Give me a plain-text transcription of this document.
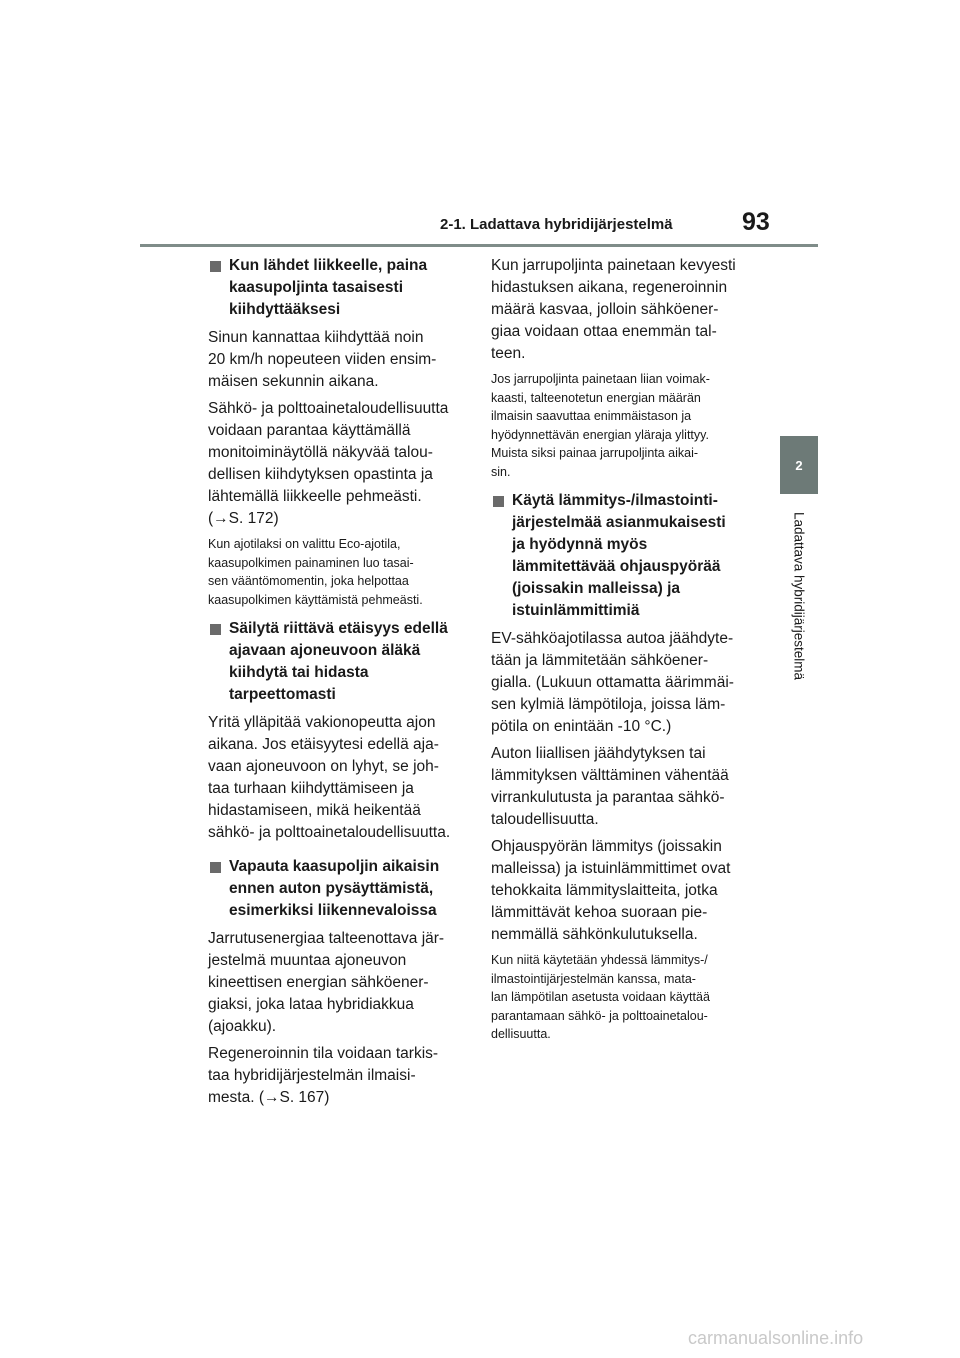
2-1. Ladattava hybridijärjestelmä	93
2
Ladattava hybridijärjestelmä
Kun lähdet liikkeelle, paina
kaasupoljinta tasaisesti
kiihdyttääksesi

Sinun kannattaa kiihdyttää noin
20 km/h nopeuteen viiden ensim-
mäisen sekunnin aikana.

Sähkö- ja polttoainetaloudellisuutta
voidaan parantaa käyttämällä
monitoiminäytöllä näkyvää talou-
dellisen kiihdytyksen opastinta ja
lähtemällä liikkeelle pehmeästi.
(→S. 172)

Kun ajotilaksi on valittu Eco-ajotila,
kaasupolkimen painaminen luo tasai-
sen vääntömomentin, joka helpottaa
kaasupolkimen käyttämistä pehmeästi.

Säilytä riittävä etäisyys edellä
ajavaan ajoneuvoon äläkä
kiihdytä tai hidasta
tarpeettomasti

Yritä ylläpitää vakionopeutta ajon
aikana. Jos etäisyytesi edellä aja-
vaan ajoneuvoon on lyhyt, se joh-
taa turhaan kiihdyttämiseen ja
hidastamiseen, mikä heikentää
sähkö- ja polttoainetaloudellisuutta.

Vapauta kaasupoljin aikaisin
ennen auton pysäyttämistä,
esimerkiksi liikennevaloissa

Jarrutusenergiaa talteenottava jär-
jestelmä muuntaa ajoneuvon
kineettisen energian sähköener-
giaksi, joka lataa hybridiakkua
(ajoakku).

Regeneroinnin tila voidaan tarkis-
taa hybridijärjestelmän ilmaisi-
mesta. (→S. 167)

Kun jarrupoljinta painetaan kevyesti
hidastuksen aikana, regeneroinnin
määrä kasvaa, jolloin sähköener-
giaa voidaan ottaa enemmän tal-
teen.

Jos jarrupoljinta painetaan liian voimak-
kaasti, talteenotetun energian määrän
ilmaisin saavuttaa enimmäistason ja
hyödynnettävän energian yläraja ylittyy.
Muista siksi painaa jarrupoljinta aikai-
sin.

Käytä lämmitys-/ilmastointi-
järjestelmää asianmukaisesti
ja hyödynnä myös
lämmitettävää ohjauspyörää
(joissakin malleissa) ja
istuinlämmittimiä

EV-sähköajotilassa autoa jäähdyte-
tään ja lämmitetään sähköener-
gialla. (Lukuun ottamatta äärimmäi-
sen kylmiä lämpötiloja, joissa läm-
pötila on enintään -10 °C.)

Auton liiallisen jäähdytyksen tai
lämmityksen välttäminen vähentää
virrankulutusta ja parantaa sähkö-
taloudellisuutta.

Ohjauspyörän lämmitys (joissakin
malleissa) ja istuinlämmittimet ovat
tehokkaita lämmityslaitteita, jotka
lämmittävät kehoa suoraan pie-
nemmällä sähkönkulutuksella.

Kun niitä käytetään yhdessä lämmitys-/
ilmastointijärjestelmän kanssa, mata-
lan lämpötilan asetusta voidaan käyttää
parantamaan sähkö- ja polttoainetalou-
dellisuutta.

carmanualsonline.info
